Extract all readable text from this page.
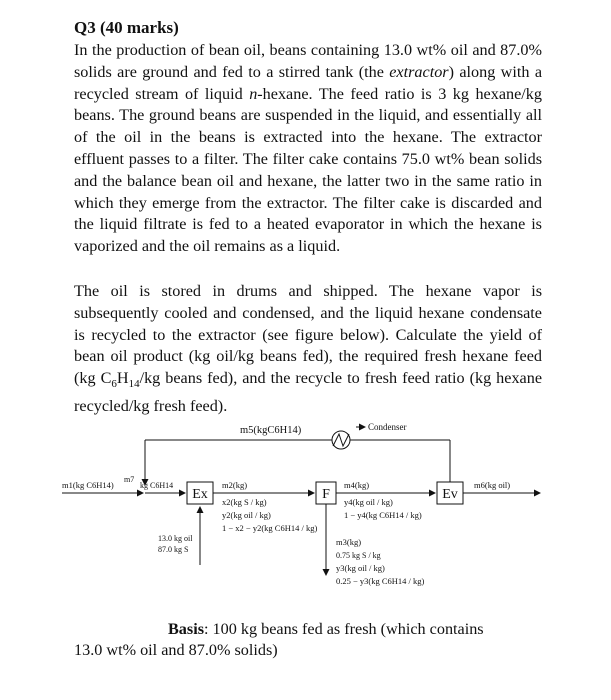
Q3 (40 marks)

In the production of bean oil, beans containing 13.0 wt% oil and 87.0% solids are ground and fed to a stirred tank (the extractor) along with a recycled stream of liquid n-hexane. The feed ratio is 3 kg hexane/kg beans. The ground beans are suspended in the liquid, and essentially all of the oil in the beans is extracted into the hexane. The extractor effluent passes to a filter. The filter cake contains 75.0 wt% bean solids and the balance bean oil and hexane, the latter two in the same ratio in which they emerge from the extractor. The filter cake is discarded and the liquid filtrate is fed to a heated evaporator in which the hexane is vaporized and the oil remains as a liquid.

The oil is stored in drums and shipped. The hexane vapor is subsequently cooled and condensed, and the liquid hexane condensate is recycled to the extractor (see figure below). Calculate the yield of bean oil product (kg oil/kg beans fed), the required fresh hexane feed (kg $C_6H_{14}/kg$ beans fed), and the recycle to fresh feed ratio (kg hexane recycled/kg fresh feed).

Ex	F	Ev
Condenser
m5(kgC6H14)
m1(kg C6H14)
m7
kg C6H14
13.0 kg oil
87.0 kg S
m2(kg)
x2(kg S / kg)
y2(kg oil / kg)
1 − x2 − y2(kg C6H14 / kg)
m4(kg)
y4(kg oil / kg)
1 − y4(kg C6H14 / kg)
m3(kg)
0.75 kg S / kg
y3(kg oil / kg)
0.25 − y3(kg C6H14 / kg)
m6(kg oil)
Basis: 100 kg beans fed as fresh (which contains
13.0 wt% oil and 87.0% solids)
